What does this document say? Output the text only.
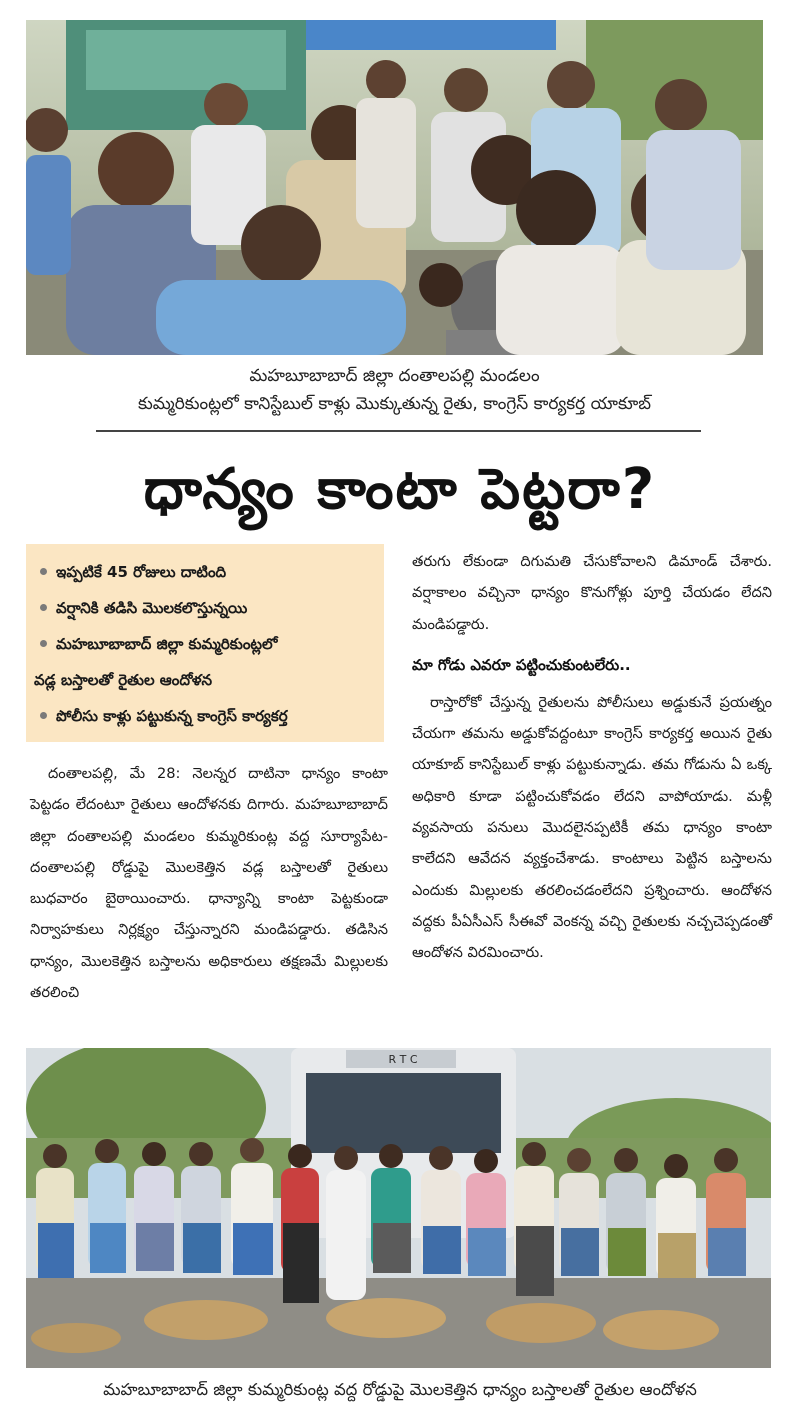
మహబూబాబాద్ జిల్లా దంతాలపల్లి మండలం

కుమ్మరికుంట్లలో కానిస్టేబుల్ కాళ్లు మొక్కుతున్న రైతు, కాంగ్రెస్ కార్యకర్త యాకూబ్

ధాన్యం కాంటా పెట్టరా?
ఇప్పటికే 45 రోజులు దాటింది
వర్షానికి తడిసి మొలకలొస్తున్నయి
మహబూబాబాద్ జిల్లా కుమ్మరికుంట్లలో
వడ్ల బస్తాలతో రైతుల ఆందోళన
పోలీసు కాళ్లు పట్టుకున్న కాంగ్రెస్ కార్యకర్త

దంతాలపల్లి, మే 28: నెలన్నర దాటినా ధాన్యం కాంటా పెట్టడం లేదంటూ రైతులు ఆందోళనకు దిగారు. మహబూబాబాద్ జిల్లా దంతాలపల్లి మండలం కుమ్మరికుంట్ల వద్ద సూర్యాపేట-దంతాలపల్లి రోడ్డుపై మొలకెత్తిన వడ్ల బస్తాలతో రైతులు బుధవారం బైఠాయించారు. ధాన్యాన్ని కాంటా పెట్టకుండా నిర్వాహకులు నిర్లక్ష్యం చేస్తున్నారని మండిపడ్డారు. తడిసిన ధాన్యం, మొలకెత్తిన బస్తాలను అధికారులు తక్షణమే మిల్లులకు తరలించి

తరుగు లేకుండా దిగుమతి చేసుకోవాలని డిమాండ్ చేశారు. వర్షాకాలం వచ్చినా ధాన్యం కొనుగోళ్లు పూర్తి చేయడం లేదని మండిపడ్డారు.

మా గోడు ఎవరూ పట్టించుకుంటలేరు..

రాస్తారోకో చేస్తున్న రైతులను పోలీసులు అడ్డుకునే ప్రయత్నం చేయగా తమను అడ్డుకోవద్దంటూ కాంగ్రెస్ కార్యకర్త అయిన రైతు యాకూబ్ కానిస్టేబుల్ కాళ్లు పట్టుకున్నాడు. తమ గోడును ఏ ఒక్క అధికారి కూడా పట్టించుకోవడం లేదని వాపోయాడు. మళ్లీ వ్యవసాయ పనులు మొదలైనప్పటికీ తమ ధాన్యం కాంటా కాలేదని ఆవేదన వ్యక్తంచేశాడు. కాంటాలు పెట్టిన బస్తాలను ఎందుకు మిల్లులకు తరలించడంలేదని ప్రశ్నించారు. ఆందోళన వద్దకు పీఏసీఎస్ సీఈవో వెంకన్న వచ్చి రైతులకు నచ్చచెప్పడంతో ఆందోళన విరమించారు.

R T C
మహబూబాబాద్ జిల్లా కుమ్మరికుంట్ల వద్ద రోడ్డుపై మొలకెత్తిన ధాన్యం బస్తాలతో రైతుల ఆందోళన
